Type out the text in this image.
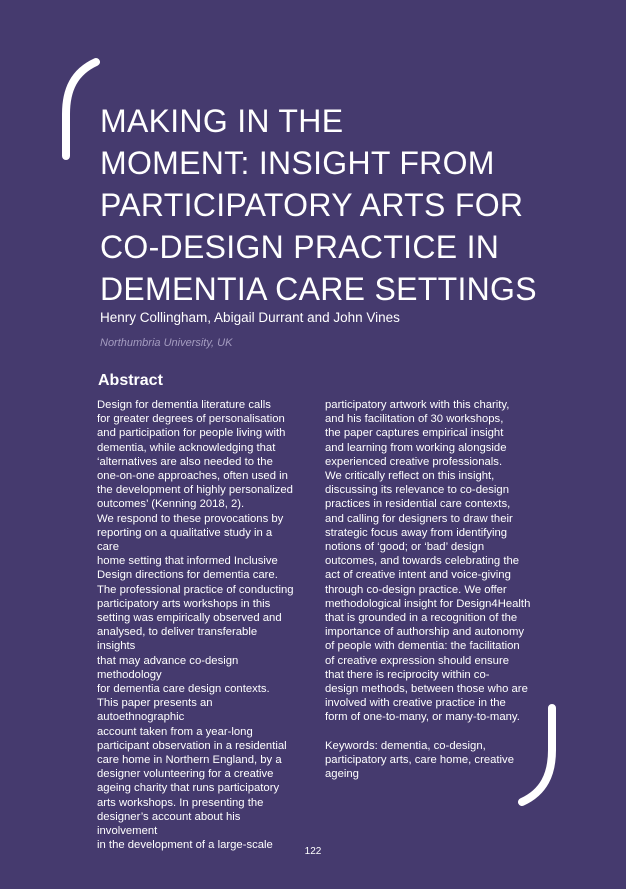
MAKING IN THE
MOMENT: INSIGHT FROM
PARTICIPATORY ARTS FOR
CO-DESIGN PRACTICE IN
DEMENTIA CARE SETTINGS
Henry Collingham, Abigail Durrant and John Vines
Northumbria University, UK
Abstract

Design for dementia literature calls
for greater degrees of personalisation
and participation for people living with
dementia, while acknowledging that
‘alternatives are also needed to the
one-on-one approaches, often used in
the development of highly personalized
outcomes’ (Kenning 2018, 2).

We respond to these provocations by
reporting on a qualitative study in a care
home setting that informed Inclusive
Design directions for dementia care.

The professional practice of conducting
participatory arts workshops in this
setting was empirically observed and
analysed, to deliver transferable insights
that may advance co-design methodology
for dementia care design contexts.

This paper presents an autoethnographic
account taken from a year-long
participant observation in a residential
care home in Northern England, by a
designer volunteering for a creative
ageing charity that runs participatory
arts workshops. In presenting the
designer’s account about his involvement
in the development of a large-scale

participatory artwork with this charity,
and his facilitation of 30 workshops,
the paper captures empirical insight
and learning from working alongside
experienced creative professionals.

We critically reflect on this insight,
discussing its relevance to co-design
practices in residential care contexts,
and calling for designers to draw their
strategic focus away from identifying
notions of ‘good; or ‘bad’ design
outcomes, and towards celebrating the
act of creative intent and voice-giving
through co-design practice. We offer
methodological insight for Design4Health
that is grounded in a recognition of the
importance of authorship and autonomy
of people with dementia: the facilitation
of creative expression should ensure
that there is reciprocity within co-
design methods, between those who are
involved with creative practice in the
form of one-to-many, or many-to-many.

Keywords: dementia, co-design,
participatory arts, care home, creative
ageing

122
